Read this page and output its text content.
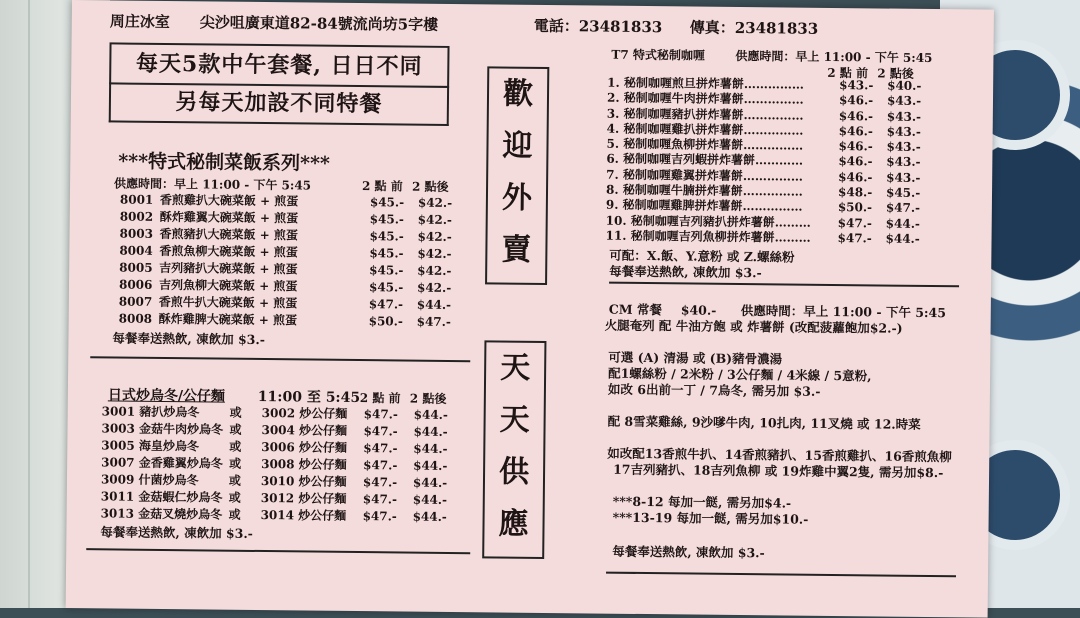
周庄冰室 尖沙咀廣東道82-84號流尚坊5字樓	電話：23481833 傳真：23481833
每天5款中午套餐, 日日不同
另每天加設不同特餐	歡
迎
外
賣
天
天
供
應
***特式秘制菜飯系列***
供應時間：早上 11:00 - 下午 5:45	2 點 前 2 點後
8001 香煎雞扒大碗菜飯 + 煎蛋	$45.- $42.-
8002 酥炸雞翼大碗菜飯 + 煎蛋	$45.- $42.-
8003 香煎豬扒大碗菜飯 + 煎蛋	$45.- $42.-
8004 香煎魚柳大碗菜飯 + 煎蛋	$45.- $42.-
8005 吉列豬扒大碗菜飯 + 煎蛋	$45.- $42.-
8006 吉列魚柳大碗菜飯 + 煎蛋	$45.- $42.-
8007 香煎牛扒大碗菜飯 + 煎蛋	$47.- $44.-
8008 酥炸雞脾大碗菜飯 + 煎蛋	$50.- $47.-
每餐奉送熱飲, 凍飲加 $3.-
日式炒烏冬/公仔麵 11:00 至 5:45 2 點 前 2 點後
3001 豬扒炒烏冬	或 3002 炒公仔麵 $47.- $44.-
3003 金菇牛肉炒烏冬 或 3004 炒公仔麵 $47.- $44.-
3005 海皇炒烏冬	或 3006 炒公仔麵 $47.- $44.-
3007 金香雞翼炒烏冬 或 3008 炒公仔麵 $47.- $44.-
3009 什菌炒烏冬	或 3010 炒公仔麵 $47.- $44.-
3011 金菇蝦仁炒烏冬 或 3012 炒公仔麵 $47.- $44.-
3013 金菇叉燒炒烏冬 或 3014 炒公仔麵 $47.- $44.-
每餐奉送熱飲, 凍飲加 $3.-
T7 特式秘制咖喱	供應時間：早上 11:00 - 下午 5:45
2 點 前 2 點後
1. 秘制咖喱煎旦拼炸薯餅……………	$43.- $40.-
2. 秘制咖喱牛肉拼炸薯餅……………	$46.- $43.-
3. 秘制咖喱豬扒拼炸薯餅……………	$46.- $43.-
4. 秘制咖喱雞扒拼炸薯餅……………	$46.- $43.-
5. 秘制咖喱魚柳拼炸薯餅……………	$46.- $43.-
6. 秘制咖喱吉列蝦拼炸薯餅…………	$46.- $43.-
7. 秘制咖喱雞翼拼炸薯餅……………	$46.- $43.-
8. 秘制咖喱牛腩拼炸薯餅……………	$48.- $45.-
9. 秘制咖喱雞脾拼炸薯餅……………	$50.- $47.-
10. 秘制咖喱吉列豬扒拼炸薯餅……… $47.- $44.-
11. 秘制咖喱吉列魚柳拼炸薯餅……… $47.- $44.-
可配：X.飯、Y.意粉 或 Z.螺絲粉
每餐奉送熱飲, 凍飲加 $3.-
CM 常餐 $40.- 供應時間：早上 11:00 - 下午 5:45
火腿奄列 配 牛油方飽 或 炸薯餅 (改配菠蘿飽加$2.-)
可選 (A) 清湯 或 (B)豬骨濃湯
配1螺絲粉 / 2米粉 / 3公仔麵 / 4米線 / 5意粉,
如改 6出前一丁 / 7烏冬, 需另加 $3.-
配 8雪菜雞絲, 9沙嗲牛肉, 10扎肉, 11叉燒 或 12.時菜
如改配13香煎牛扒、14香煎豬扒、15香煎雞扒、16香煎魚柳
17吉列豬扒、18吉列魚柳 或 19炸雞中翼2隻, 需另加$8.-
***8-12 每加一餸, 需另加$4.-
***13-19 每加一餸, 需另加$10.-
每餐奉送熱飲, 凍飲加 $3.-
